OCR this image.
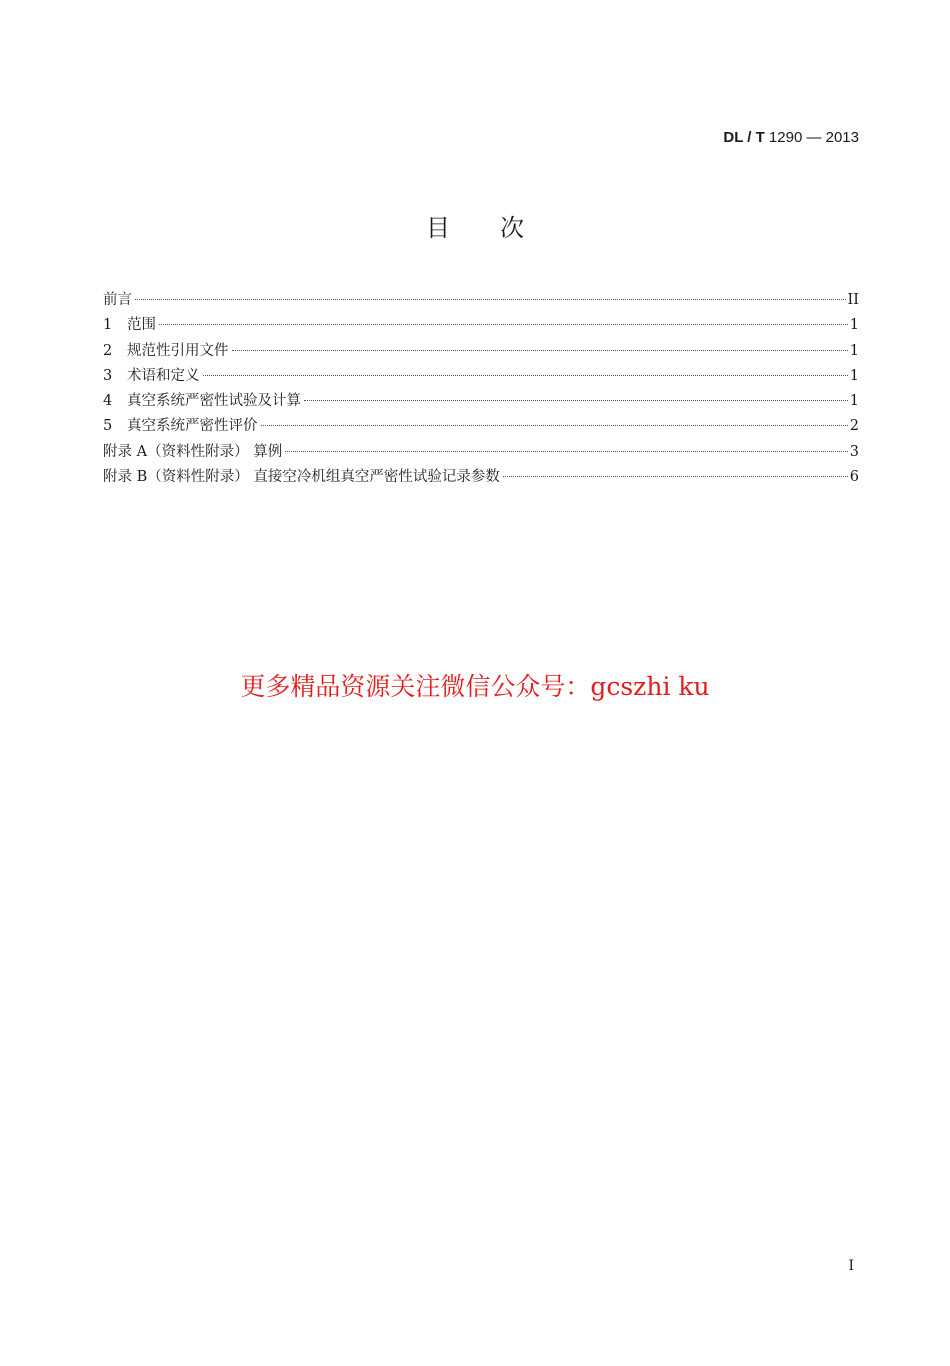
DL / T 1290 — 2013
目次
前言	II
1 范围	1
2 规范性引用文件	1
3 术语和定义	1
4 真空系统严密性试验及计算	1
5 真空系统严密性评价	2
附录 A（资料性附录） 算例	3
附录 B（资料性附录） 直接空冷机组真空严密性试验记录参数	6
更多精品资源关注微信公众号：gcszhi ku
I
